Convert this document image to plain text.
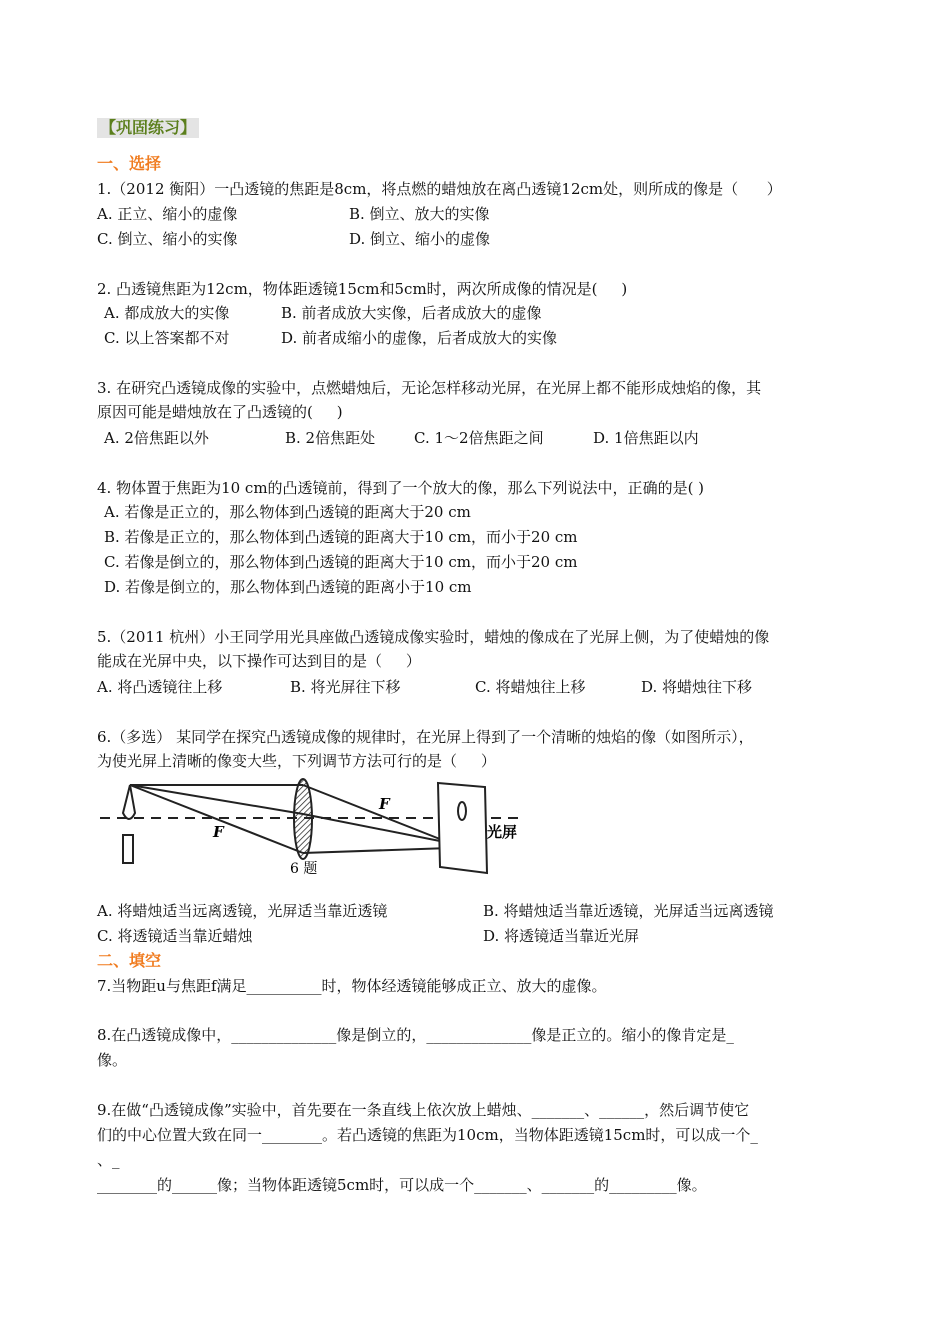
【巩固练习】
一、选择
1.（2012 衡阳）一凸透镜的焦距是8cm，将点燃的蜡烛放在离凸透镜12cm处，则所成的像是（      ）
A. 正立、缩小的虚像	B. 倒立、放大的实像
C. 倒立、缩小的实像	D. 倒立、缩小的虚像
2. 凸透镜焦距为12cm，物体距透镜15cm和5cm时，两次所成像的情况是(     )
A. 都成放大的实像	B. 前者成放大实像，后者成放大的虚像
C. 以上答案都不对	D. 前者成缩小的虚像，后者成放大的实像
3. 在研究凸透镜成像的实验中，点燃蜡烛后，无论怎样移动光屏，在光屏上都不能形成烛焰的像，其
原因可能是蜡烛放在了凸透镜的(     )
A. 2倍焦距以外	B. 2倍焦距处	C. 1～2倍焦距之间	D. 1倍焦距以内
4. 物体置于焦距为10 cm的凸透镜前，得到了一个放大的像，那么下列说法中，正确的是( )
A. 若像是正立的，那么物体到凸透镜的距离大于20 cm
B. 若像是正立的，那么物体到凸透镜的距离大于10 cm，而小于20 cm
C. 若像是倒立的，那么物体到凸透镜的距离大于10 cm，而小于20 cm
D. 若像是倒立的，那么物体到凸透镜的距离小于10 cm
5.（2011 杭州）小王同学用光具座做凸透镜成像实验时，蜡烛的像成在了光屏上侧，为了使蜡烛的像
能成在光屏中央，以下操作可达到目的是（     ）
A. 将凸透镜往上移	B. 将光屏往下移	C. 将蜡烛往上移	D. 将蜡烛往下移
6.（多选） 某同学在探究凸透镜成像的规律时，在光屏上得到了一个清晰的烛焰的像（如图所示），
为使光屏上清晰的像变大些，下列调节方法可行的是（     ）
F
F
光屏
6 题
A. 将蜡烛适当远离透镜，光屏适当靠近透镜	B. 将蜡烛适当靠近透镜，光屏适当远离透镜
C. 将透镜适当靠近蜡烛	D. 将透镜适当靠近光屏
二、填空
7.当物距u与焦距f满足__________时，物体经透镜能够成正立、放大的虚像。
8.在凸透镜成像中，______________像是倒立的，______________像是正立的。缩小的像肯定是_
像。
9.在做“凸透镜成像”实验中，首先要在一条直线上依次放上蜡烛、_______、______，然后调节使它
们的中心位置大致在同一________。若凸透镜的焦距为10cm，当物体距透镜15cm时，可以成一个_
、_
________的______像；当物体距透镜5cm时，可以成一个_______、_______的_________像。
